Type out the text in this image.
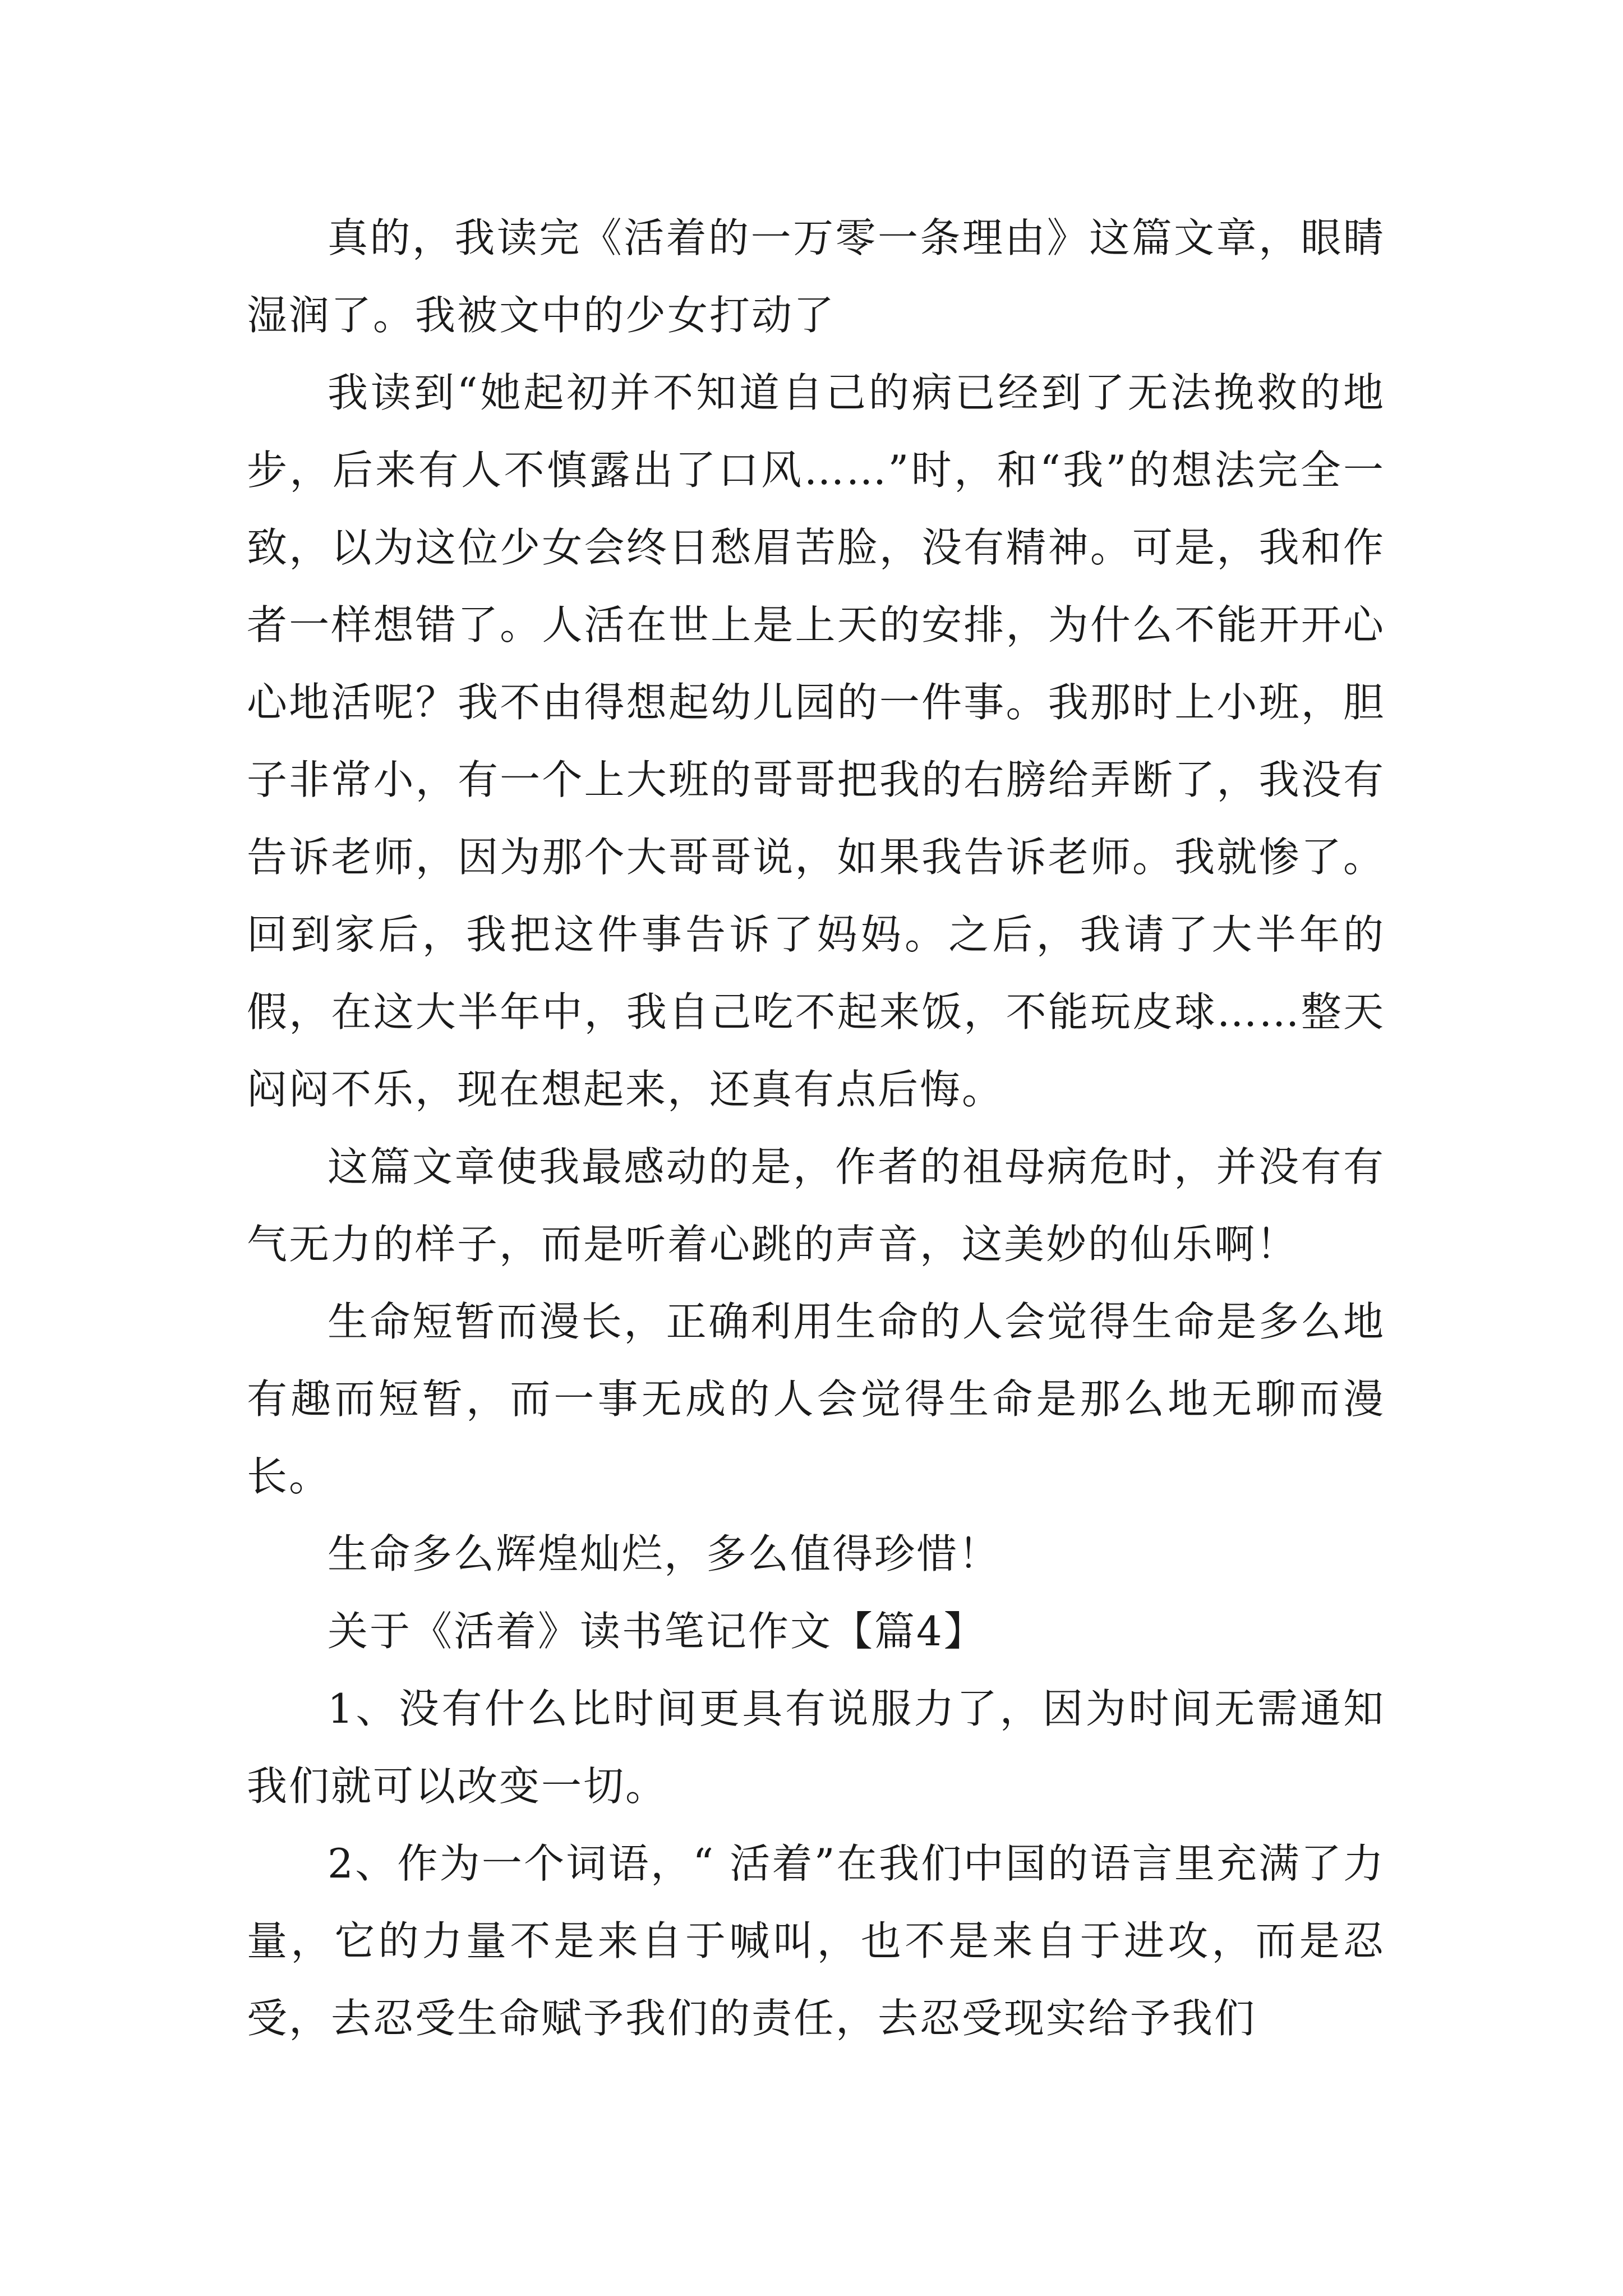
真的，我读完《活着的一万零一条理由》这篇文章，眼睛湿润了。我被文中的少女打动了

我读到“她起初并不知道自己的病已经到了无法挽救的地步，后来有人不慎露出了口风……”时，和“我”的想法完全一致，以为这位少女会终日愁眉苦脸，没有精神。可是，我和作者一样想错了。人活在世上是上天的安排，为什么不能开开心心地活呢？我不由得想起幼儿园的一件事。我那时上小班，胆子非常小，有一个上大班的哥哥把我的右膀给弄断了，我没有告诉老师，因为那个大哥哥说，如果我告诉老师。我就惨了。回到家后，我把这件事告诉了妈妈。之后，我请了大半年的假，在这大半年中，我自己吃不起来饭，不能玩皮球……整天闷闷不乐，现在想起来，还真有点后悔。

这篇文章使我最感动的是，作者的祖母病危时，并没有有气无力的样子，而是听着心跳的声音，这美妙的仙乐啊！

生命短暂而漫长，正确利用生命的人会觉得生命是多么地有趣而短暂，而一事无成的人会觉得生命是那么地无聊而漫长。

生命多么辉煌灿烂，多么值得珍惜！

关于《活着》读书笔记作文【篇4】

1、没有什么比时间更具有说服力了，因为时间无需通知我们就可以改变一切。

2、作为一个词语，“ 活着”在我们中国的语言里充满了力量，它的力量不是来自于喊叫，也不是来自于进攻，而是忍受，去忍受生命赋予我们的责任，去忍受现实给予我们
